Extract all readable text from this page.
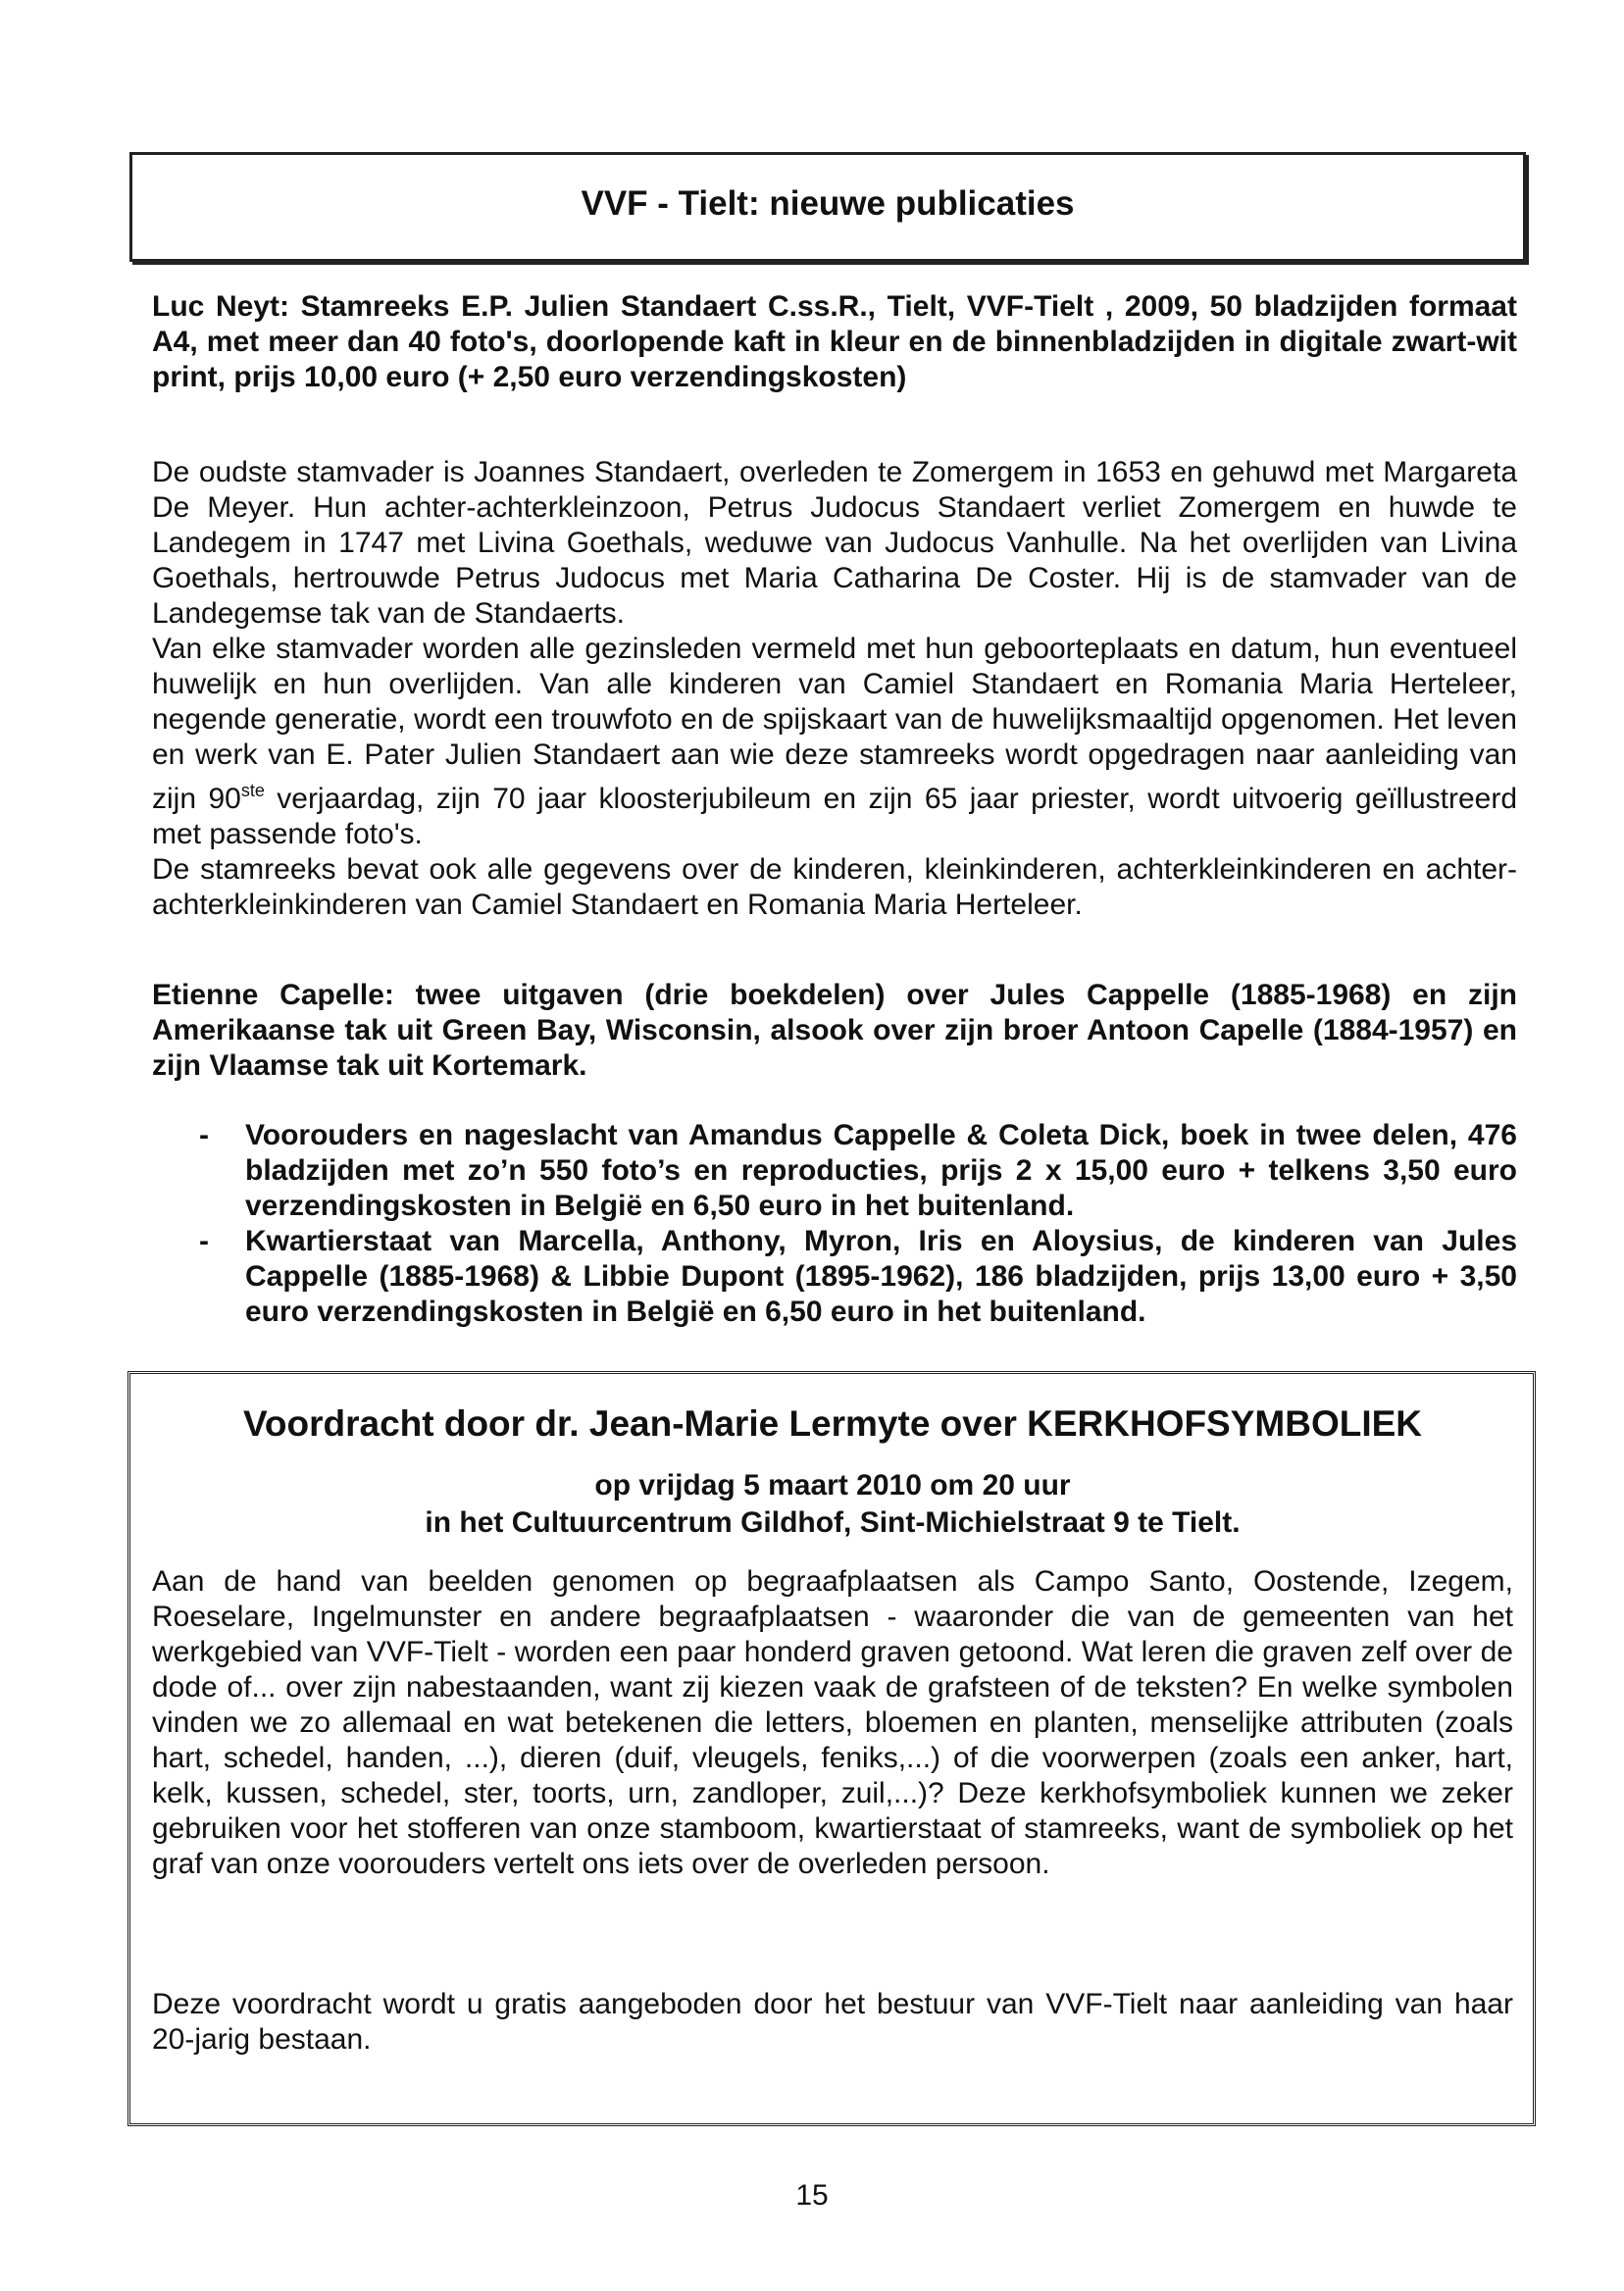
VVF - Tielt: nieuwe publicaties

Luc Neyt: Stamreeks E.P. Julien Standaert C.ss.R., Tielt, VVF-Tielt , 2009, 50 bladzijden formaat A4, met meer dan 40 foto's, doorlopende kaft in kleur en de binnenbladzijden in digitale zwart-wit print, prijs 10,00 euro (+ 2,50 euro verzendingskosten)

De oudste stamvader is Joannes Standaert, overleden te Zomergem in 1653 en gehuwd met Margareta De Meyer. Hun achter-achterkleinzoon, Petrus Judocus Standaert verliet Zomergem en huwde te Landegem in 1747 met Livina Goethals, weduwe van Judocus Vanhulle. Na het overlijden van Livina Goethals, hertrouwde Petrus Judocus met Maria Catharina De Coster. Hij is de stamvader van de Landegemse tak van de Standaerts.

Van elke stamvader worden alle gezinsleden vermeld met hun geboorteplaats en datum, hun eventueel huwelijk en hun overlijden. Van alle kinderen van Camiel Standaert en Romania Maria Herteleer, negende generatie, wordt een trouwfoto en de spijskaart van de huwelijksmaaltijd opgenomen. Het leven en werk van E. Pater Julien Standaert aan wie deze stamreeks wordt opgedragen naar aanleiding van zijn 90ste verjaardag, zijn 70 jaar kloosterjubileum en zijn 65 jaar priester, wordt uitvoerig geïllustreerd met passende foto's.

De stamreeks bevat ook alle gegevens over de kinderen, kleinkinderen, achterkleinkinderen en achter-achterkleinkinderen van Camiel Standaert en Romania Maria Herteleer.

Etienne Capelle: twee uitgaven (drie boekdelen) over Jules Cappelle (1885-1968) en zijn Amerikaanse tak uit Green Bay, Wisconsin, alsook over zijn broer Antoon Capelle (1884-1957) en zijn Vlaamse tak uit Kortemark.

- Voorouders en nageslacht van Amandus Cappelle & Coleta Dick, boek in twee delen, 476 bladzijden met zo’n 550 foto’s en reproducties, prijs 2 x 15,00 euro + telkens 3,50 euro verzendingskosten in België en 6,50 euro in het buitenland.
- Kwartierstaat van Marcella, Anthony, Myron, Iris en Aloysius, de kinderen van Jules Cappelle (1885-1968) & Libbie Dupont (1895-1962), 186 bladzijden, prijs 13,00 euro + 3,50 euro verzendingskosten in België en 6,50 euro in het buitenland.
Voordracht door dr. Jean-Marie Lermyte over KERKHOFSYMBOLIEK
op vrijdag 5 maart 2010 om 20 uur
in het Cultuurcentrum Gildhof, Sint-Michielstraat 9 te Tielt.

Aan de hand van beelden genomen op begraafplaatsen als Campo Santo, Oostende, Izegem, Roeselare, Ingelmunster en andere begraafplaatsen - waaronder die van de gemeenten van het werkgebied van VVF-Tielt - worden een paar honderd graven getoond. Wat leren die graven zelf over de dode of... over zijn nabestaanden, want zij kiezen vaak de grafsteen of de teksten? En welke symbolen vinden we zo allemaal en wat betekenen die letters, bloemen en planten, menselijke attributen (zoals hart, schedel, handen, ...), dieren (duif, vleugels, feniks,...) of die voorwerpen (zoals een anker, hart, kelk, kussen, schedel, ster, toorts, urn, zandloper, zuil,...)? Deze kerkhofsymboliek kunnen we zeker gebruiken voor het stofferen van onze stamboom, kwartierstaat of stamreeks, want de symboliek op het graf van onze voorouders vertelt ons iets over de overleden persoon.

Deze voordracht wordt u gratis aangeboden door het bestuur van VVF-Tielt naar aanleiding van haar 20-jarig bestaan.

15
